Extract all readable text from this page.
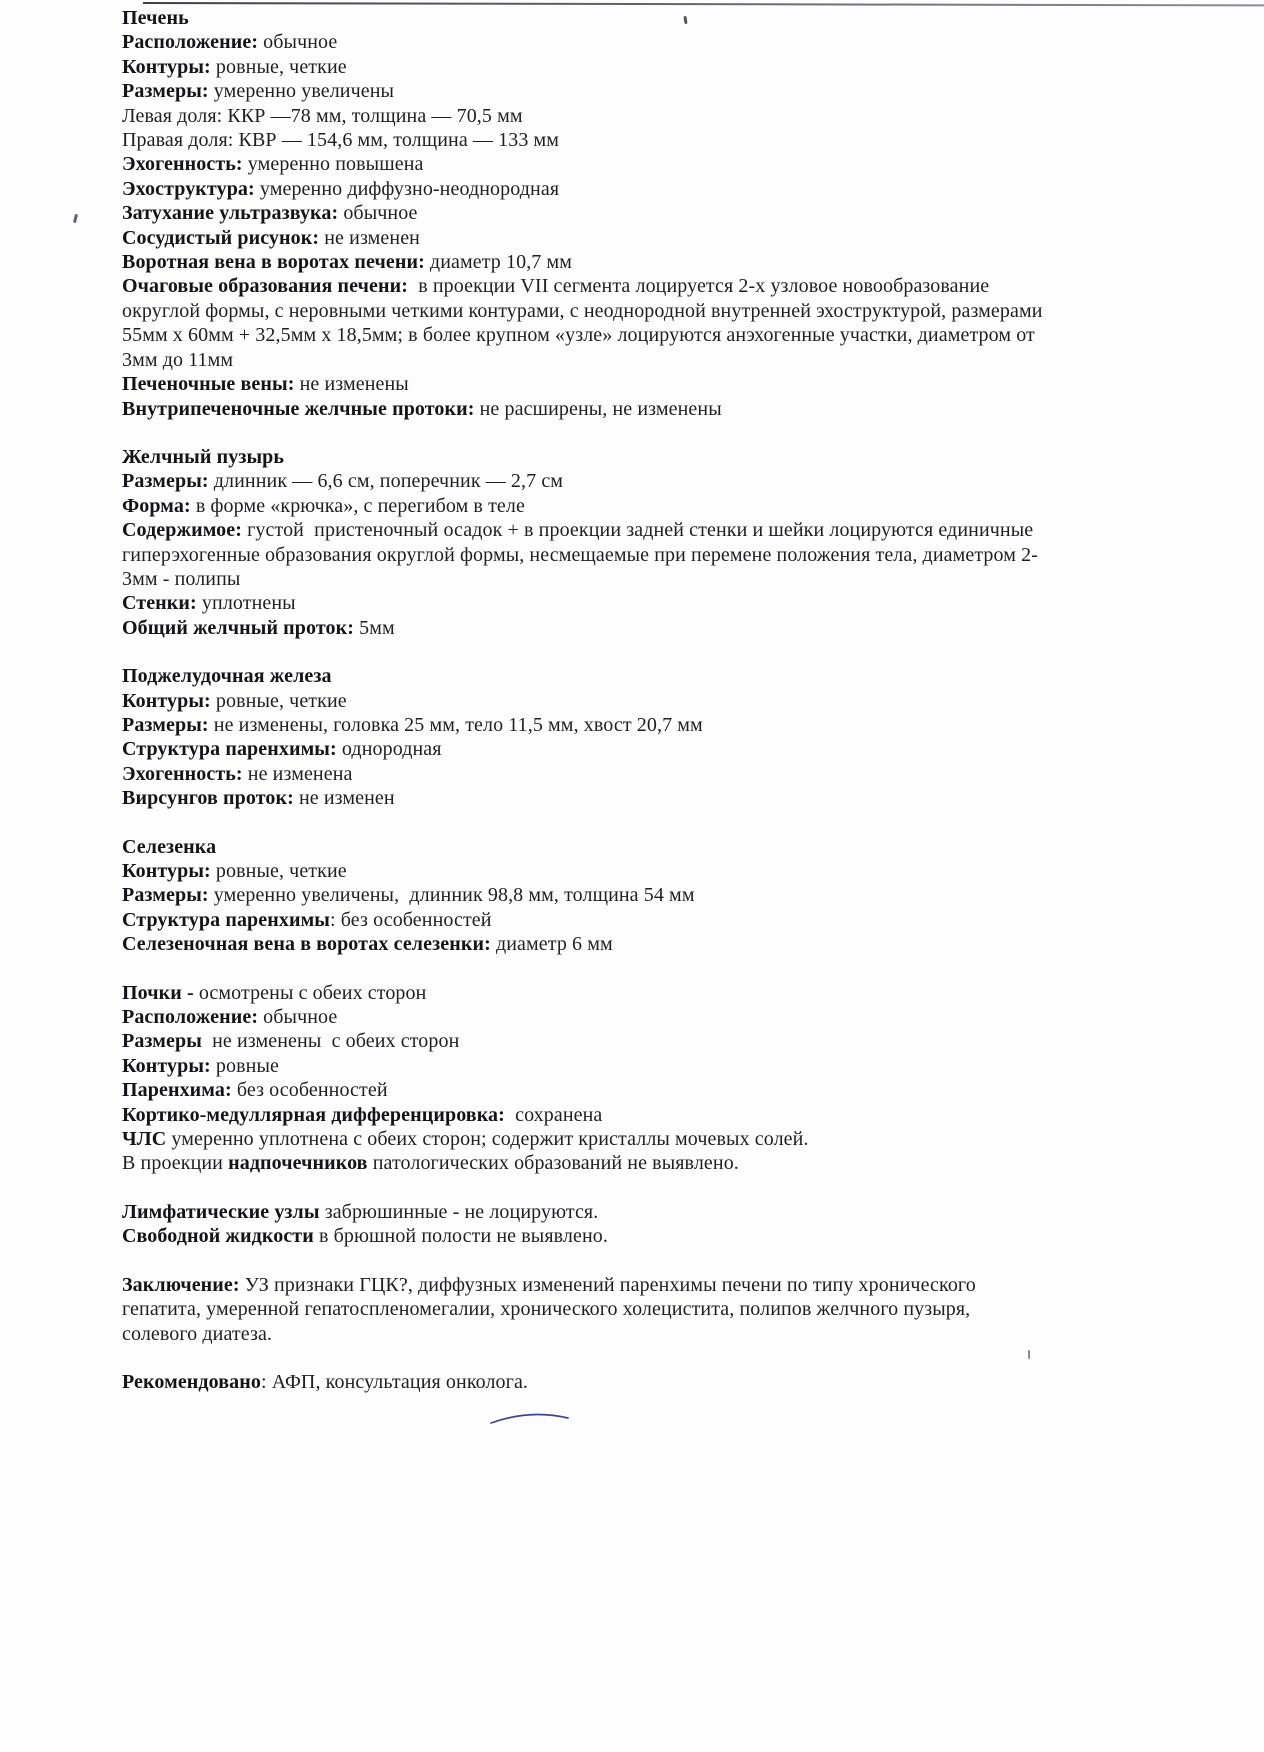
Печень
Расположение: обычное
Контуры: ровные, четкие
Размеры: умеренно увеличены
Левая доля: ККР —78 мм, толщина — 70,5 мм
Правая доля: КВР — 154,6 мм, толщина — 133 мм
Эхогенность: умеренно повышена
Эхоструктура: умеренно диффузно-неоднородная
Затухание ультразвука: обычное
Сосудистый рисунок: не изменен
Воротная вена в воротах печени: диаметр 10,7 мм
Очаговые образования печени:  в проекции VII сегмента лоцируется 2-х узловое новообразование
округлой формы, с неровными четкими контурами, с неоднородной внутренней эхоструктурой, размерами
55мм х 60мм + 32,5мм х 18,5мм; в более крупном «узле» лоцируются анэхогенные участки, диаметром от
3мм до 11мм
Печеночные вены: не изменены
Внутрипеченочные желчные протоки: не расширены, не изменены
Желчный пузырь
Размеры: длинник — 6,6 см, поперечник — 2,7 см
Форма: в форме «крючка», с перегибом в теле
Содержимое: густой  пристеночный осадок + в проекции задней стенки и шейки лоцируются единичные
гиперэхогенные образования округлой формы, несмещаемые при перемене положения тела, диаметром 2-
3мм - полипы
Стенки: уплотнены
Общий желчный проток: 5мм
Поджелудочная железа
Контуры: ровные, четкие
Размеры: не изменены, головка 25 мм, тело 11,5 мм, хвост 20,7 мм
Структура паренхимы: однородная
Эхогенность: не изменена
Вирсунгов проток: не изменен
Селезенка
Контуры: ровные, четкие
Размеры: умеренно увеличены,  длинник 98,8 мм, толщина 54 мм
Структура паренхимы: без особенностей
Селезеночная вена в воротах селезенки: диаметр 6 мм
Почки - осмотрены с обеих сторон
Расположение: обычное
Размеры  не изменены  с обеих сторон
Контуры: ровные
Паренхима: без особенностей
Кортико-медуллярная дифференцировка:  сохранена
ЧЛС умеренно уплотнена с обеих сторон; содержит кристаллы мочевых солей.
В проекции надпочечников патологических образований не выявлено.
Лимфатические узлы забрюшинные - не лоцируются.
Свободной жидкости в брюшной полости не выявлено.
Заключение: УЗ признаки ГЦК?, диффузных изменений паренхимы печени по типу хронического
гепатита, умеренной гепатоспленомегалии, хронического холецистита, полипов желчного пузыря,
солевого диатеза.
Рекомендовано: АФП, консультация онколога.
